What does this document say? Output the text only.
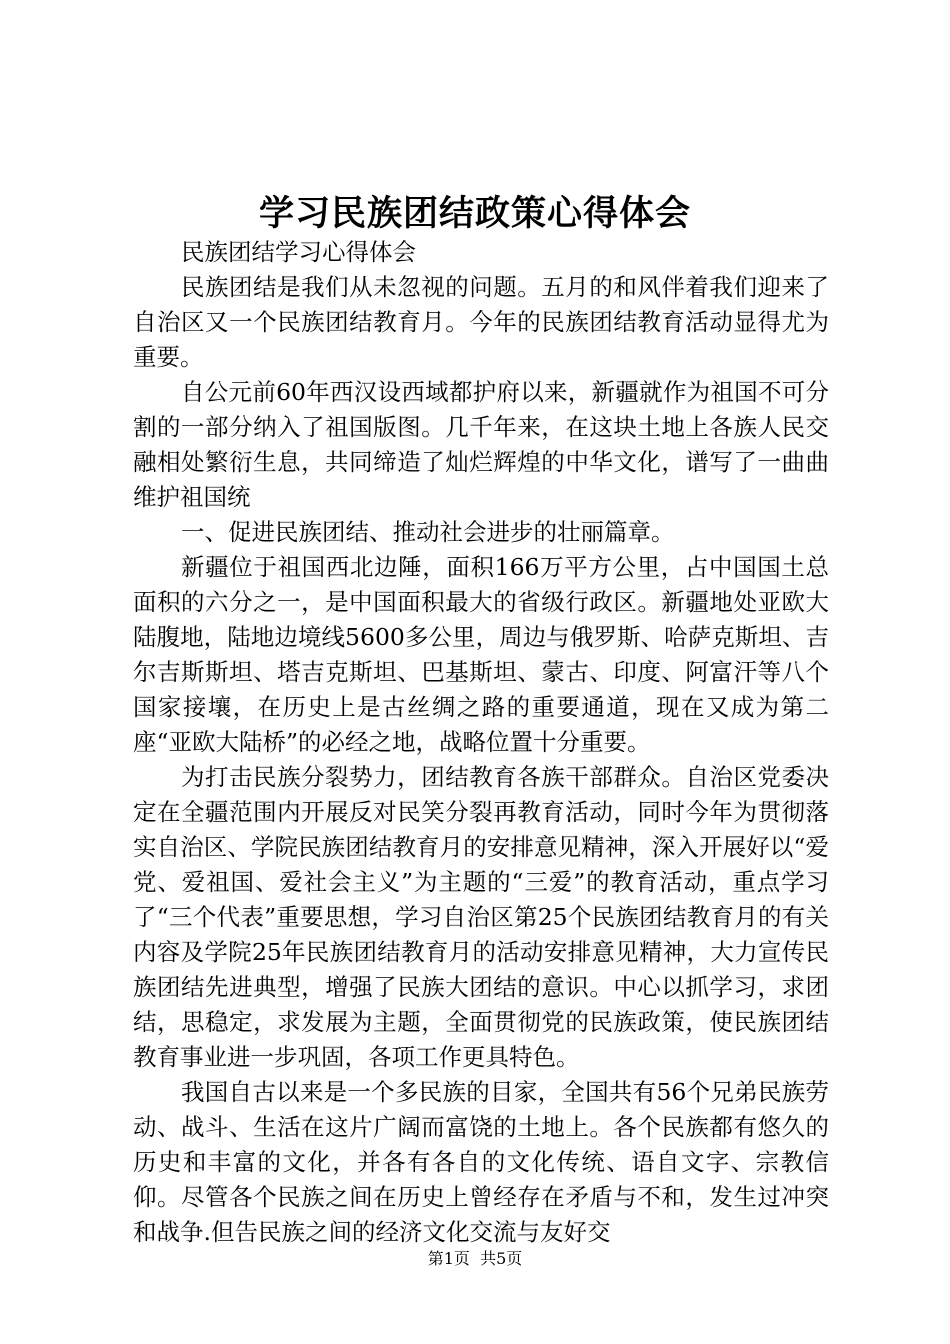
学习民族团结政策心得体会

民族团结学习心得体会

民族团结是我们从未忽视的问题。五月的和风伴着我们迎来了自治区又一个民族团结教育月。今年的民族团结教育活动显得尤为重要。

自公元前60年西汉设西域都护府以来，新疆就作为祖国不可分割的一部分纳入了祖国版图。几千年来，在这块土地上各族人民交融相处繁衍生息，共同缔造了灿烂辉煌的中华文化，谱写了一曲曲维护祖国统

一、促进民族团结、推动社会进步的壮丽篇章。

新疆位于祖国西北边陲，面积166万平方公里，占中国国土总面积的六分之一，是中国面积最大的省级行政区。新疆地处亚欧大陆腹地，陆地边境线5600多公里，周边与俄罗斯、哈萨克斯坦、吉尔吉斯斯坦、塔吉克斯坦、巴基斯坦、蒙古、印度、阿富汗等八个国家接壤，在历史上是古丝绸之路的重要通道，现在又成为第二座“亚欧大陆桥”的必经之地，战略位置十分重要。

为打击民族分裂势力，团结教育各族干部群众。自治区党委决定在全疆范围内开展反对民笑分裂再教育活动，同时今年为贯彻落实自治区、学院民族团结教育月的安排意见精神，深入开展好以“爱党、爱祖国、爱社会主义”为主题的“三爱”的教育活动，重点学习了“三个代表”重要思想，学习自治区第25个民族团结教育月的有关内容及学院25年民族团结教育月的活动安排意见精神，大力宣传民族团结先进典型，增强了民族大团结的意识。中心以抓学习，求团结，思稳定，求发展为主题，全面贯彻党的民族政策，使民族团结教育事业进一步巩固，各项工作更具特色。

我国自古以来是一个多民族的目家，全国共有56个兄弟民族劳动、战斗、生活在这片广阔而富饶的土地上。各个民族都有悠久的历史和丰富的文化，并各有各自的文化传统、语自文字、宗教信仰。尽管各个民族之间在历史上曾经存在矛盾与不和，发生过冲突和战争.但告民族之间的经济文化交流与友好交

第1页  共5页
